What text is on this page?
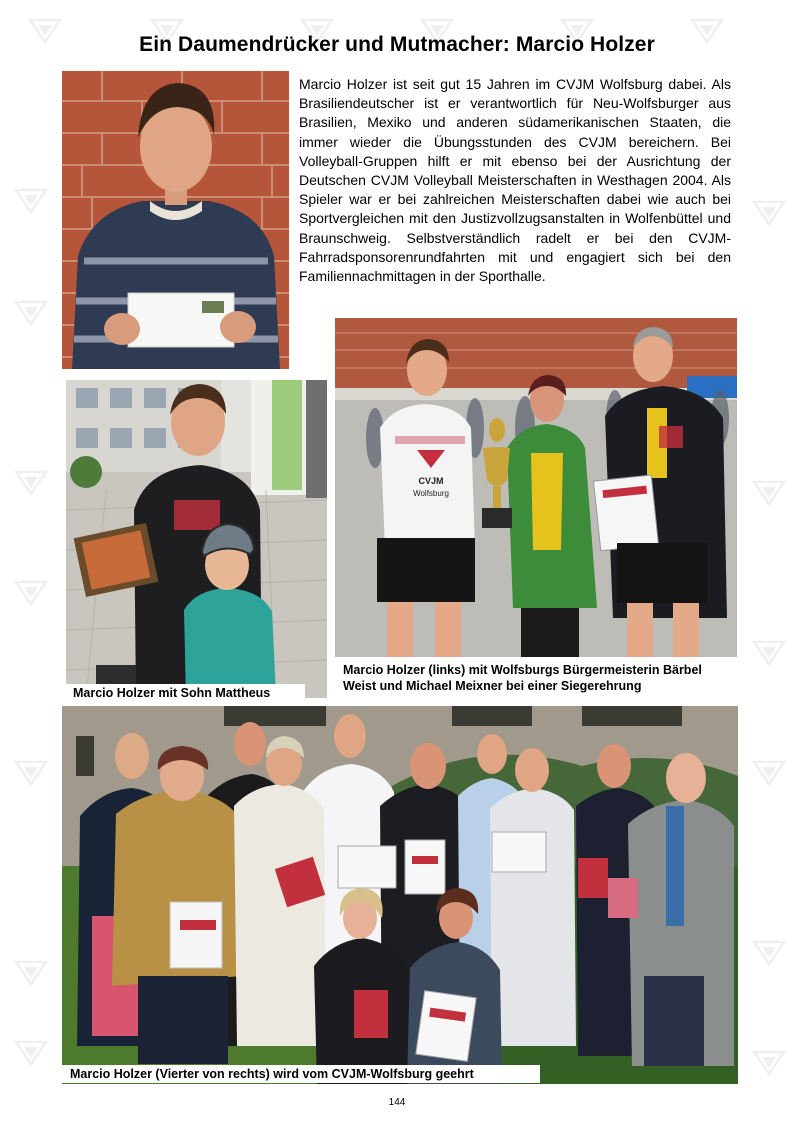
Ein Daumendrücker und Mutmacher: Marcio Holzer

Marcio Holzer ist seit gut 15 Jahren im CVJM Wolfsburg dabei. Als Brasiliendeutscher ist er verantwortlich für Neu-Wolfsburger aus Brasilien, Mexiko und anderen südamerikanischen Staaten, die immer wieder die Übungsstunden des CVJM bereichern. Bei Volleyball-Gruppen hilft er mit ebenso bei der Ausrichtung der Deutschen CVJM Volleyball Meisterschaften in Westhagen 2004. Als Spieler war er bei zahlreichen Meisterschaften dabei wie auch bei Sportvergleichen mit den Justizvollzugsanstalten in Wolfenbüttel und Braunschweig. Selbstverständlich radelt er bei den CVJM-Fahrradsponsorenrundfahrten mit und engagiert sich bei den Familiennachmittagen in der Sporthalle.

Marcio Holzer mit Sohn Mattheus
CVJM
Wolfsburg
Marcio Holzer (links) mit Wolfsburgs Bürgermeisterin Bärbel Weist und Michael Meixner bei einer Siegerehrung
Marcio Holzer (Vierter von rechts) wird vom CVJM-Wolfsburg geehrt
144
